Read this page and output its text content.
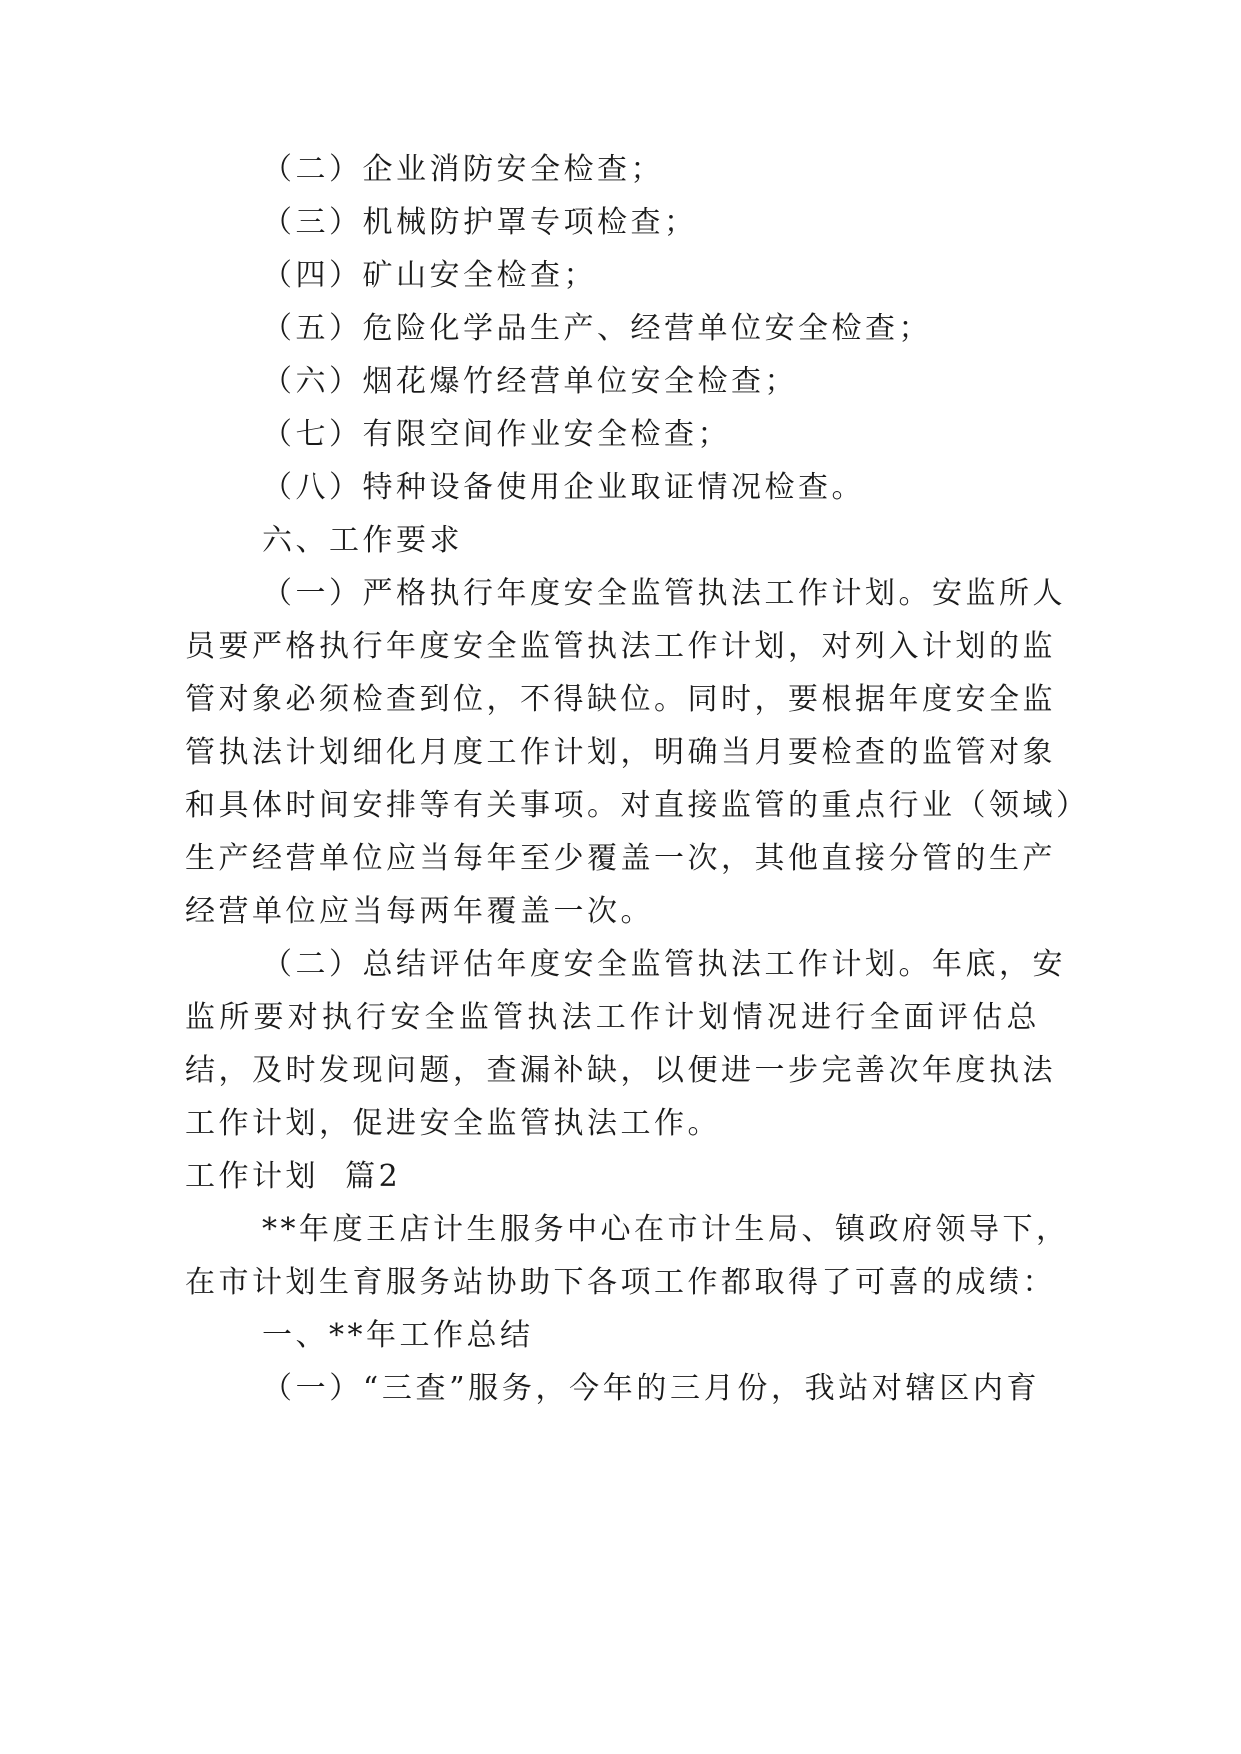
（二）企业消防安全检查；
（三）机械防护罩专项检查；
（四）矿山安全检查；
（五）危险化学品生产、经营单位安全检查；
（六）烟花爆竹经营单位安全检查；
（七）有限空间作业安全检查；
（八）特种设备使用企业取证情况检查。
六、工作要求
（一）严格执行年度安全监管执法工作计划。安监所人
员要严格执行年度安全监管执法工作计划，对列入计划的监
管对象必须检查到位，不得缺位。同时，要根据年度安全监
管执法计划细化月度工作计划，明确当月要检查的监管对象
和具体时间安排等有关事项。对直接监管的重点行业（领域）
生产经营单位应当每年至少覆盖一次，其他直接分管的生产
经营单位应当每两年覆盖一次。
（二）总结评估年度安全监管执法工作计划。年底，安
监所要对执行安全监管执法工作计划情况进行全面评估总
结，及时发现问题，查漏补缺，以便进一步完善次年度执法
工作计划，促进安全监管执法工作。
工作计划  篇2
**年度王店计生服务中心在市计生局、镇政府领导下，
在市计划生育服务站协助下各项工作都取得了可喜的成绩：
一、**年工作总结
（一）“三查”服务，今年的三月份，我站对辖区内育
